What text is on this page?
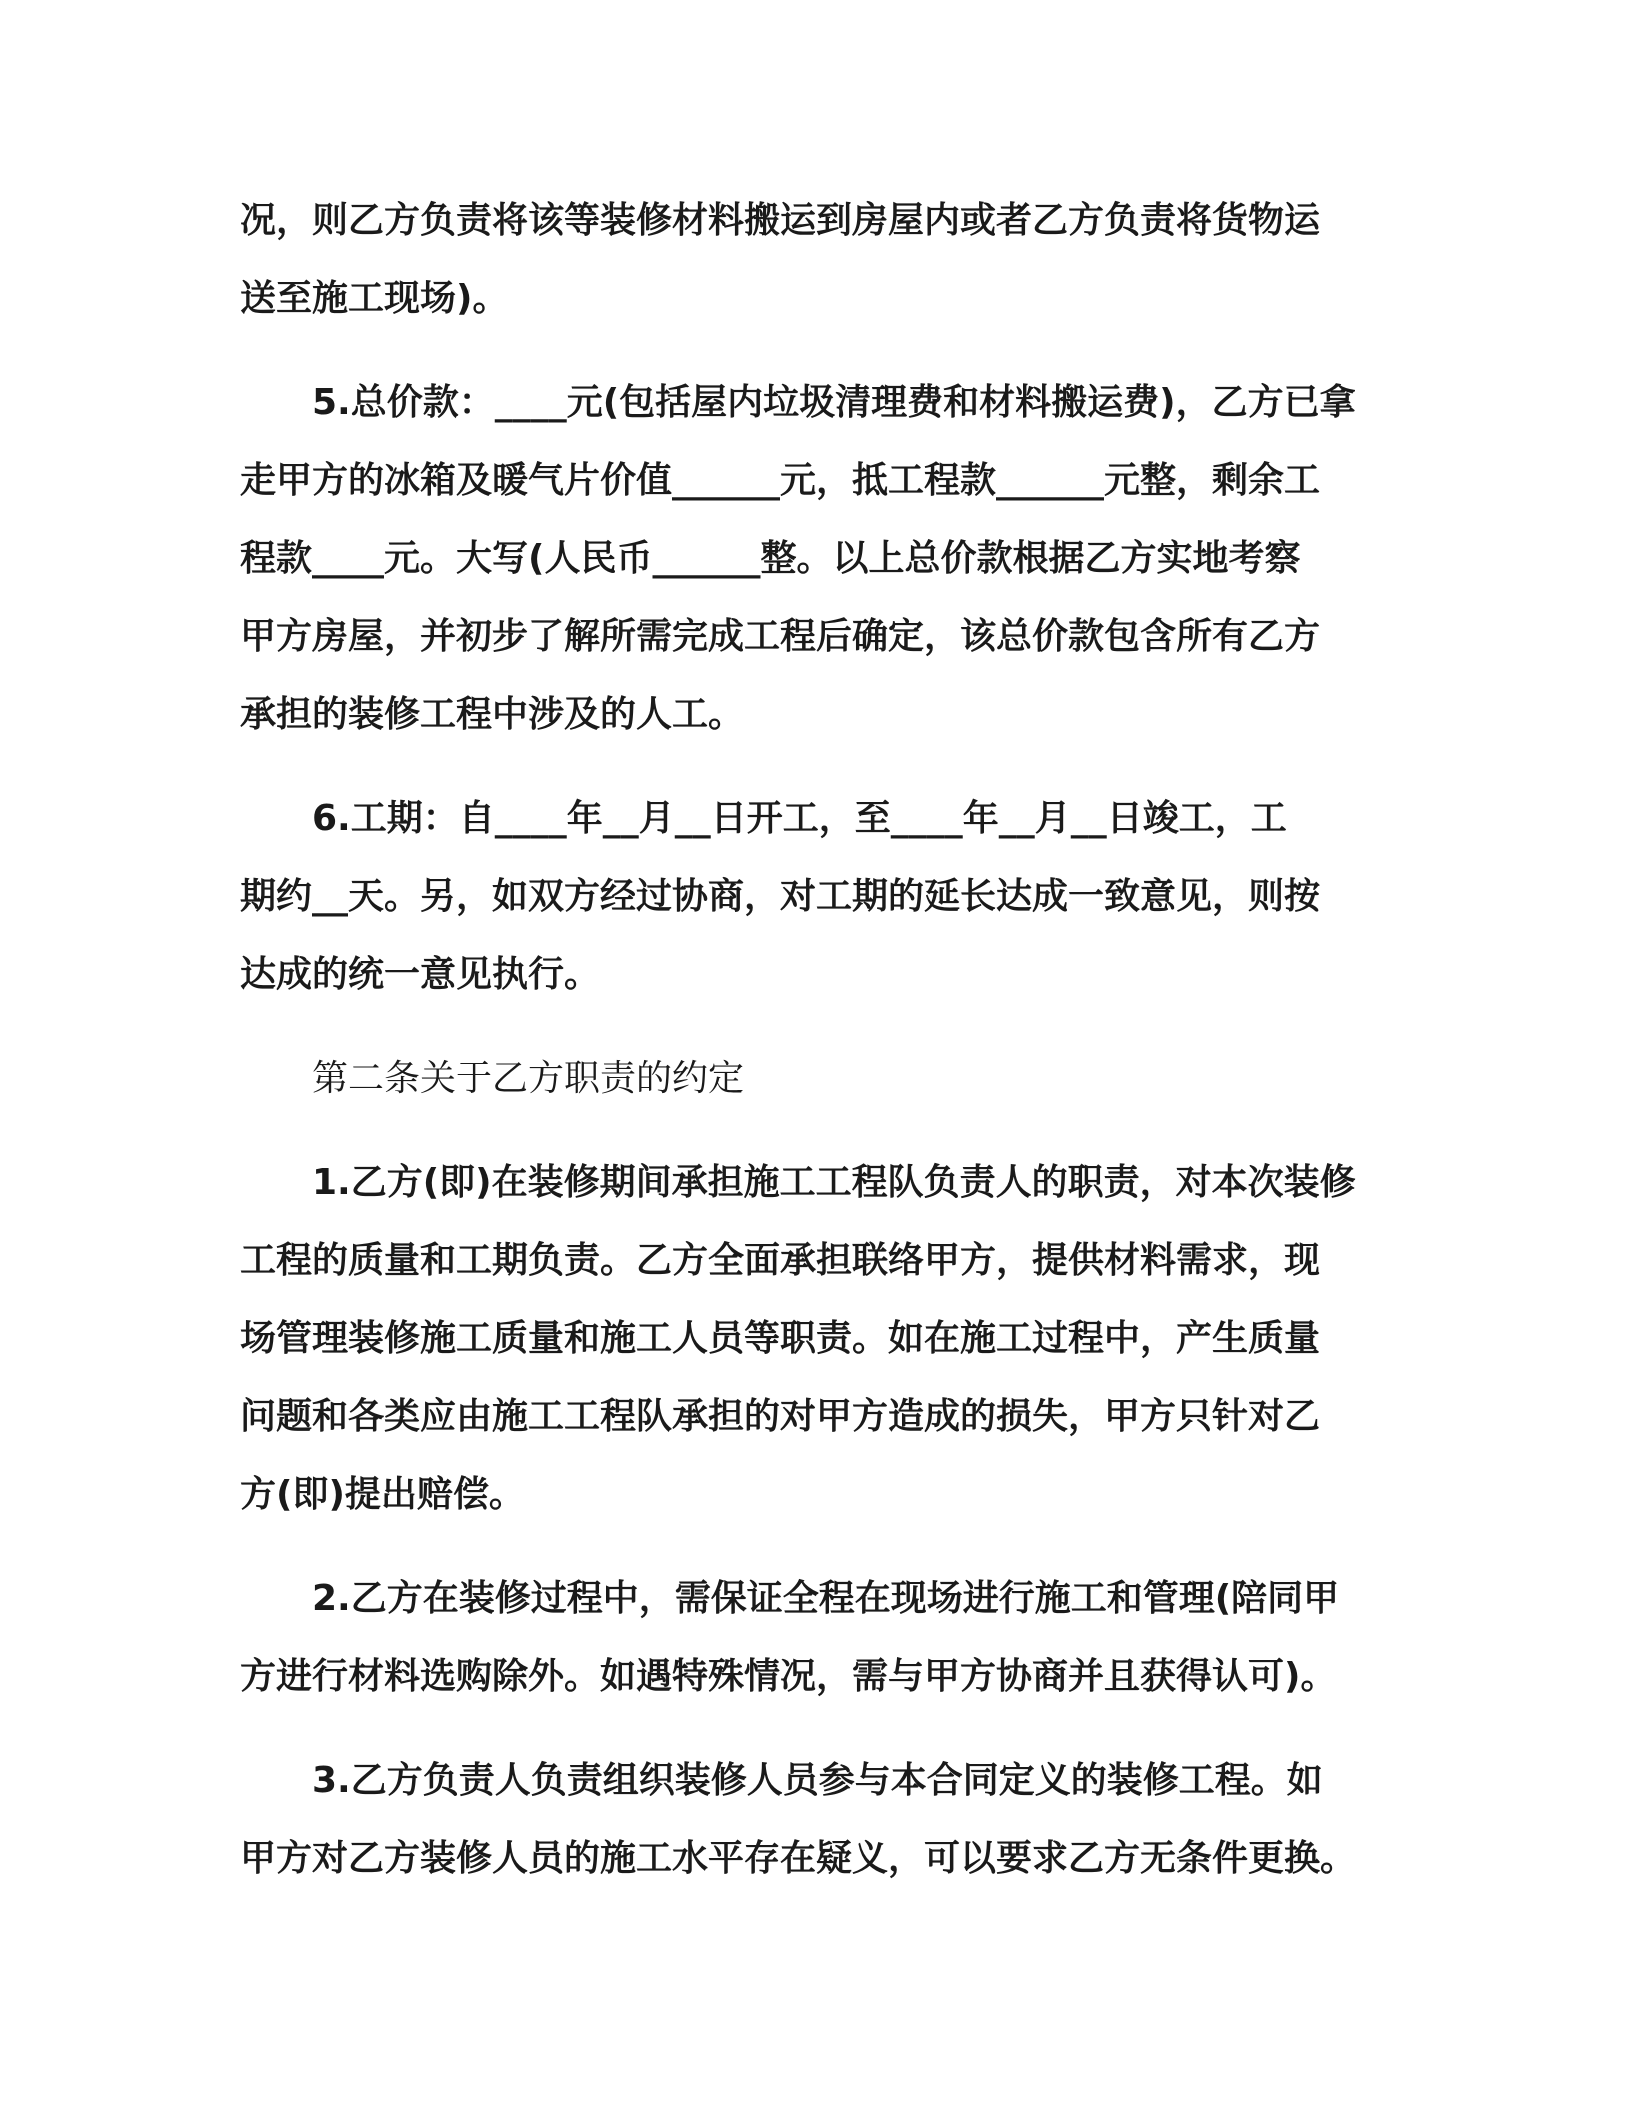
况，则乙方负责将该等装修材料搬运到房屋内或者乙方负责将货物运
送至施工现场)。
5.总价款：____元(包括屋内垃圾清理费和材料搬运费)，乙方已拿
走甲方的冰箱及暖气片价值______元，抵工程款______元整，剩余工
程款____元。大写(人民币______整。以上总价款根据乙方实地考察
甲方房屋，并初步了解所需完成工程后确定，该总价款包含所有乙方
承担的装修工程中涉及的人工。
6.工期：自____年__月__日开工，至____年__月__日竣工，工
期约__天。另，如双方经过协商，对工期的延长达成一致意见，则按
达成的统一意见执行。
第二条关于乙方职责的约定
1.乙方(即)在装修期间承担施工工程队负责人的职责，对本次装修
工程的质量和工期负责。乙方全面承担联络甲方，提供材料需求，现
场管理装修施工质量和施工人员等职责。如在施工过程中，产生质量
问题和各类应由施工工程队承担的对甲方造成的损失，甲方只针对乙
方(即)提出赔偿。
2.乙方在装修过程中，需保证全程在现场进行施工和管理(陪同甲
方进行材料选购除外。如遇特殊情况，需与甲方协商并且获得认可)。
3.乙方负责人负责组织装修人员参与本合同定义的装修工程。如
甲方对乙方装修人员的施工水平存在疑义，可以要求乙方无条件更换。
